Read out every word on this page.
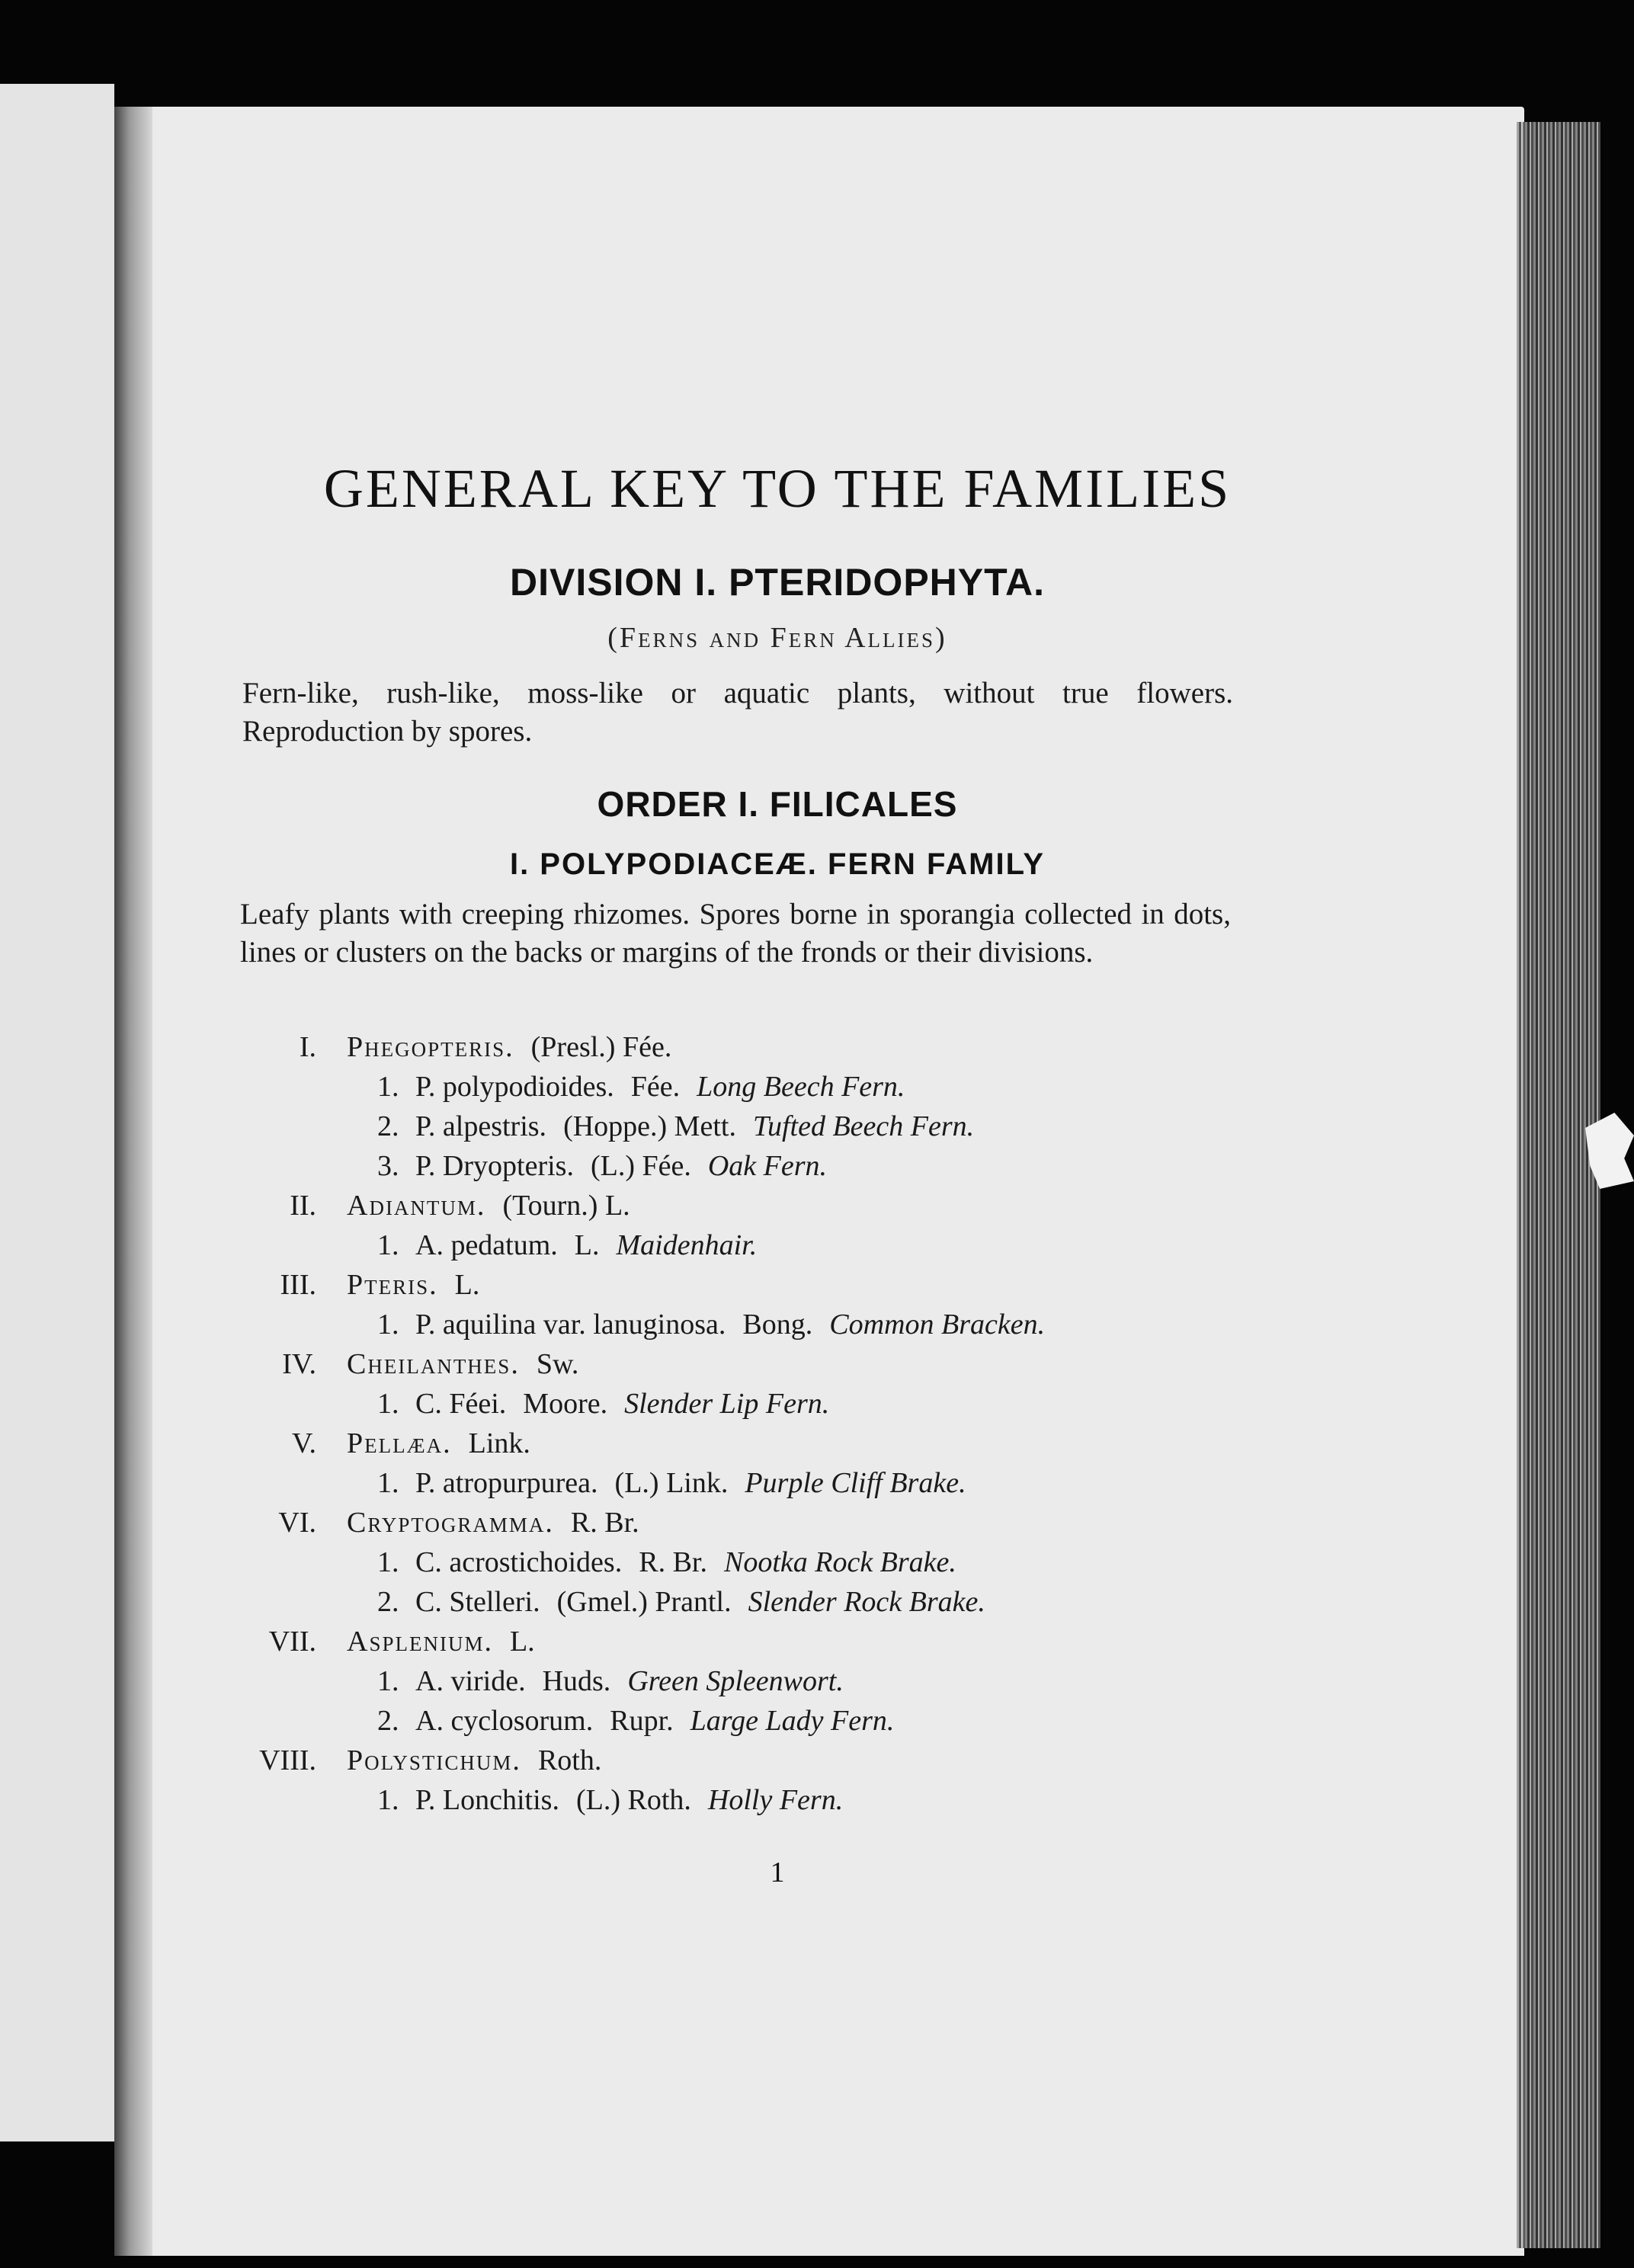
GENERAL KEY TO THE FAMILIES
DIVISION I. PTERIDOPHYTA.
(Ferns and Fern Allies)
Fern-like, rush-like, moss-like or aquatic plants, without true flowers. Reproduction by spores.
ORDER I. FILICALES
I. POLYPODIACEÆ. FERN FAMILY
Leafy plants with creeping rhizomes. Spores borne in sporangia collected in dots, lines or clusters on the backs or margins of the fronds or their divisions.
I. Phegopteris. (Presl.) Fée.
1. P. polypodioides. Fée. Long Beech Fern.
2. P. alpestris. (Hoppe.) Mett. Tufted Beech Fern.
3. P. Dryopteris. (L.) Fée. Oak Fern.
II. Adiantum. (Tourn.) L.
1. A. pedatum. L. Maidenhair.
III. Pteris. L.
1. P. aquilina var. lanuginosa. Bong. Common Bracken.
IV. Cheilanthes. Sw.
1. C. Féei. Moore. Slender Lip Fern.
V. Pellæa. Link.
1. P. atropurpurea. (L.) Link. Purple Cliff Brake.
VI. Cryptogramma. R. Br.
1. C. acrostichoides. R. Br. Nootka Rock Brake.
2. C. Stelleri. (Gmel.) Prantl. Slender Rock Brake.
VII. Asplenium. L.
1. A. viride. Huds. Green Spleenwort.
2. A. cyclosorum. Rupr. Large Lady Fern.
VIII. Polystichum. Roth.
1. P. Lonchitis. (L.) Roth. Holly Fern.
1
